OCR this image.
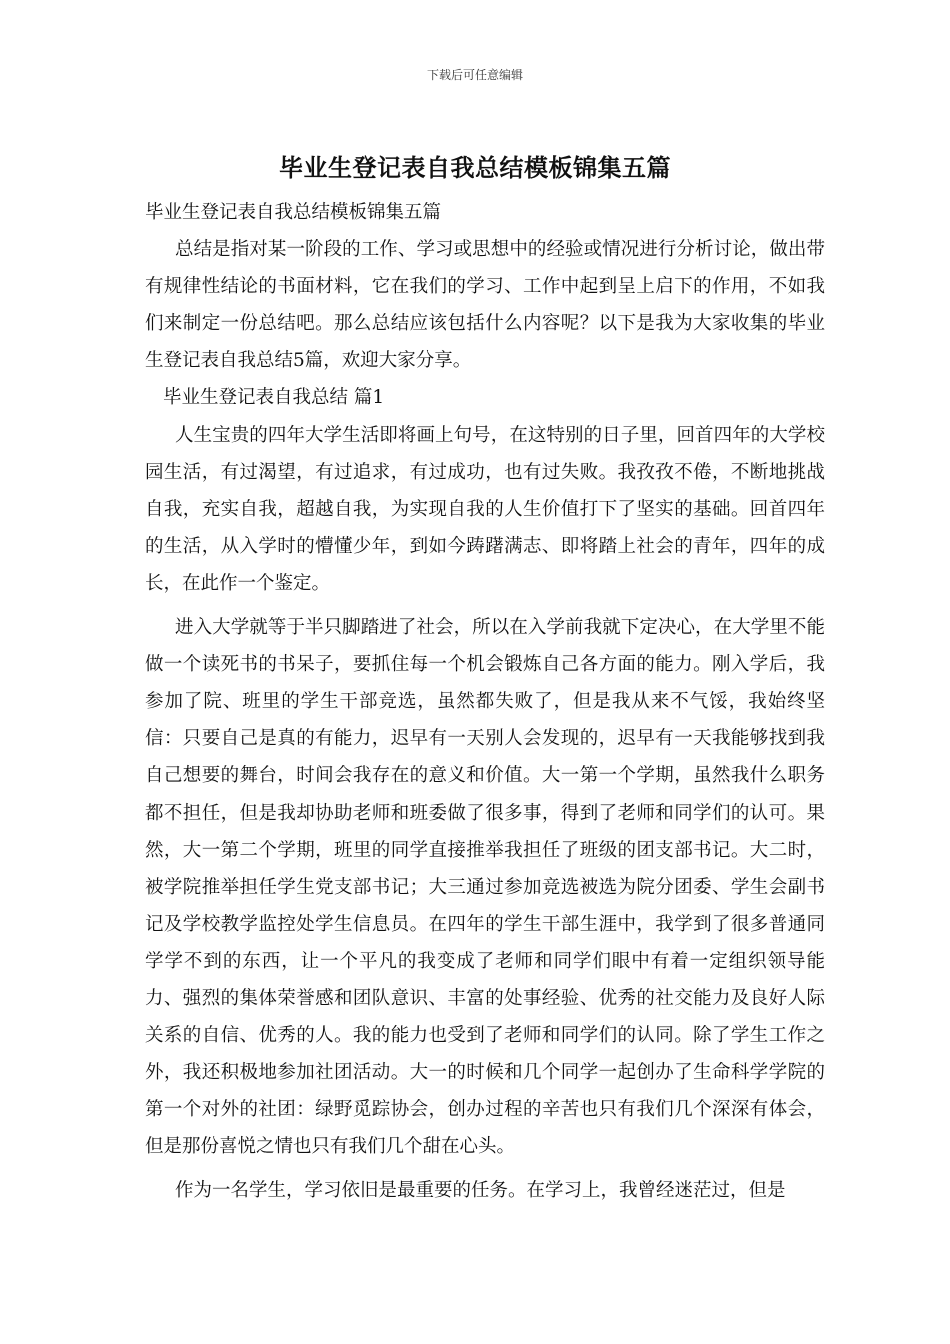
下载后可任意编辑
毕业生登记表自我总结模板锦集五篇

毕业生登记表自我总结模板锦集五篇

总结是指对某一阶段的工作、学习或思想中的经验或情况进行分析讨论，做出带有规律性结论的书面材料，它在我们的学习、工作中起到呈上启下的作用，不如我们来制定一份总结吧。那么总结应该包括什么内容呢？以下是我为大家收集的毕业生登记表自我总结5篇，欢迎大家分享。

毕业生登记表自我总结 篇1

人生宝贵的四年大学生活即将画上句号，在这特别的日子里，回首四年的大学校园生活，有过渴望，有过追求，有过成功，也有过失败。我孜孜不倦，不断地挑战自我，充实自我，超越自我，为实现自我的人生价值打下了坚实的基础。回首四年的生活，从入学时的懵懂少年，到如今踌躇满志、即将踏上社会的青年，四年的成长，在此作一个鉴定。

进入大学就等于半只脚踏进了社会，所以在入学前我就下定决心，在大学里不能做一个读死书的书呆子，要抓住每一个机会锻炼自己各方面的能力。刚入学后，我参加了院、班里的学生干部竞选，虽然都失败了，但是我从来不气馁，我始终坚信：只要自己是真的有能力，迟早有一天别人会发现的，迟早有一天我能够找到我自己想要的舞台，时间会我存在的意义和价值。大一第一个学期，虽然我什么职务都不担任，但是我却协助老师和班委做了很多事，得到了老师和同学们的认可。果然，大一第二个学期，班里的同学直接推举我担任了班级的团支部书记。大二时，被学院推举担任学生党支部书记；大三通过参加竞选被选为院分团委、学生会副书记及学校教学监控处学生信息员。在四年的学生干部生涯中，我学到了很多普通同学学不到的东西，让一个平凡的我变成了老师和同学们眼中有着一定组织领导能力、强烈的集体荣誉感和团队意识、丰富的处事经验、优秀的社交能力及良好人际关系的自信、优秀的人。我的能力也受到了老师和同学们的认同。除了学生工作之外，我还积极地参加社团活动。大一的时候和几个同学一起创办了生命科学学院的第一个对外的社团：绿野觅踪协会，创办过程的辛苦也只有我们几个深深有体会，但是那份喜悦之情也只有我们几个甜在心头。

作为一名学生，学习依旧是最重要的任务。在学习上，我曾经迷茫过，但是
